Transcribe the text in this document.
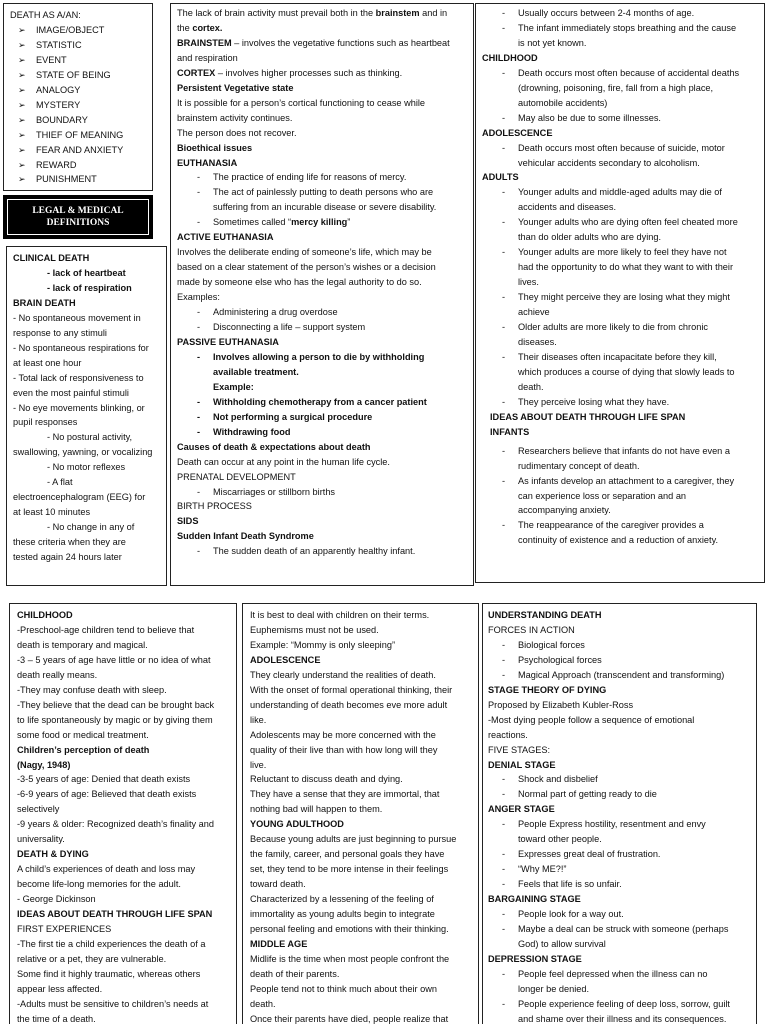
DEATH AS A/AN:

➢ IMAGE/OBJECT

➢ STATISTIC

➢ EVENT

➢ STATE OF BEING

➢ ANALOGY

➢ MYSTERY

➢ BOUNDARY

➢ THIEF OF MEANING

➢ FEAR AND ANXIETY

➢ REWARD

➢ PUNISHMENT

LEGAL & MEDICAL
DEFINITIONS

CLINICAL DEATH

- lack of heartbeat

- lack of respiration

BRAIN DEATH

- No spontaneous movement in

response to any stimuli

- No spontaneous respirations for

at least one hour

- Total lack of responsiveness to

even the most painful stimuli

- No eye movements blinking, or

pupil responses

- No postural activity,

swallowing, yawning, or vocalizing

- No motor reflexes

- A flat

electroencephalogram (EEG) for

at least 10 minutes

- No change in any of

these criteria when they are

tested again 24 hours later

The lack of brain activity must prevail both in the brainstem and in

the cortex.

BRAINSTEM – involves the vegetative functions such as heartbeat

and respiration

CORTEX – involves higher processes such as thinking.

Persistent Vegetative state

It is possible for a person’s cortical functioning to cease while

brainstem activity continues.

The person does not recover.

Bioethical issues

EUTHANASIA

- The practice of ending life for reasons of mercy.

- The act of painlessly putting to death persons who are

suffering from an incurable disease or severe disability.

- Sometimes called “mercy killing”

ACTIVE EUTHANASIA

Involves the deliberate ending of someone’s life, which may be

based on a clear statement of the person’s wishes or a decision

made by someone else who has the legal authority to do so.

Examples:

- Administering a drug overdose

- Disconnecting a life – support system

PASSIVE EUTHANASIA

- Involves allowing a person to die by withholding

available treatment.

Example:

- Withholding chemotherapy from a cancer patient

- Not performing a surgical procedure

- Withdrawing food

Causes of death & expectations about death

Death can occur at any point in the human life cycle.

PRENATAL DEVELOPMENT

- Miscarriages or stillborn births

BIRTH PROCESS

SIDS

Sudden Infant Death Syndrome

- The sudden death of an apparently healthy infant.

- Usually occurs between 2-4 months of age.

- The infant immediately stops breathing and the cause

is not yet known.

CHILDHOOD

- Death occurs most often because of accidental deaths

(drowning, poisoning, fire, fall from a high place,

automobile accidents)

- May also be due to some illnesses.

ADOLESCENCE

- Death occurs most often because of suicide, motor

vehicular accidents secondary to alcoholism.

ADULTS

- Younger adults and middle-aged adults may die of

accidents and diseases.

- Younger adults who are dying often feel cheated more

than do older adults who are dying.

- Younger adults are more likely to feel they have not

had the opportunity to do what they want to with their

lives.

- They might perceive they are losing what they might

achieve

- Older adults are more likely to die from chronic

diseases.

- Their diseases often incapacitate before they kill,

which produces a course of dying that slowly leads to

death.

- They perceive losing what they have.

IDEAS ABOUT DEATH THROUGH LIFE SPAN

INFANTS

- Researchers believe that infants do not have even a

rudimentary concept of death.

- As infants develop an attachment to a caregiver, they

can experience loss or separation and an

accompanying anxiety.

- The reappearance of the caregiver provides a

continuity of existence and a reduction of anxiety.

CHILDHOOD

-Preschool-age children tend to believe that

death is temporary and magical.

-3 – 5 years of age have little or no idea of what

death really means.

-They may confuse death with sleep.

-They believe that the dead can be brought back

to life spontaneously by magic or by giving them

some food or medical treatment.

Children’s perception of death

(Nagy, 1948)

-3-5 years of age: Denied that death exists

-6-9 years of age: Believed that death exists

selectively

-9 years & older: Recognized death’s finality and

universality.

DEATH & DYING

A child’s experiences of death and loss may

become life-long memories for the adult.

- George Dickinson

IDEAS ABOUT DEATH THROUGH LIFE SPAN

FIRST EXPERIENCES

-The first tie a child experiences the death of a

relative or a pet, they are vulnerable.

Some find it highly traumatic, whereas others

appear less affected.

-Adults must be sensitive to children’s needs at

the time of a death.

It is best to deal with children on their terms.

Euphemisms must not be used.

Example: “Mommy is only sleeping”

ADOLESCENCE

They clearly understand the realities of death.

With the onset of formal operational thinking, their

understanding of death becomes eve more adult

like.

Adolescents may be more concerned with the

quality of their live than with how long will they

live.

Reluctant to discuss death and dying.

They have a sense that they are immortal, that

nothing bad will happen to them.

YOUNG ADULTHOOD

Because young adults are just beginning to pursue

the family, career, and personal goals they have

set, they tend to be more intense in their feelings

toward death.

Characterized by a lessening of the feeling of

immortality as young adults begin to integrate

personal feeling and emotions with their thinking.

MIDDLE AGE

Midlife is the time when most people confront the

death of their parents.

People tend not to think much about their own

death.

Once their parents have died, people realize that

UNDERSTANDING DEATH

FORCES IN ACTION

- Biological forces

- Psychological forces

- Magical Approach (transcendent and transforming)

STAGE THEORY OF DYING

Proposed by Elizabeth Kubler-Ross

-Most dying people follow a sequence of emotional

reactions.

FIVE STAGES:

DENIAL STAGE

- Shock and disbelief

- Normal part of getting ready to die

ANGER STAGE

- People Express hostility, resentment and envy

toward other people.

- Expresses great deal of frustration.

- “Why ME?!”

- Feels that life is so unfair.

BARGAINING STAGE

- People look for a way out.

- Maybe a deal can be struck with someone (perhaps

God) to allow survival

DEPRESSION STAGE

- People feel depressed when the illness can no

longer be denied.

- People experience feeling of deep loss, sorrow, guilt

and shame over their illness and its consequences.
